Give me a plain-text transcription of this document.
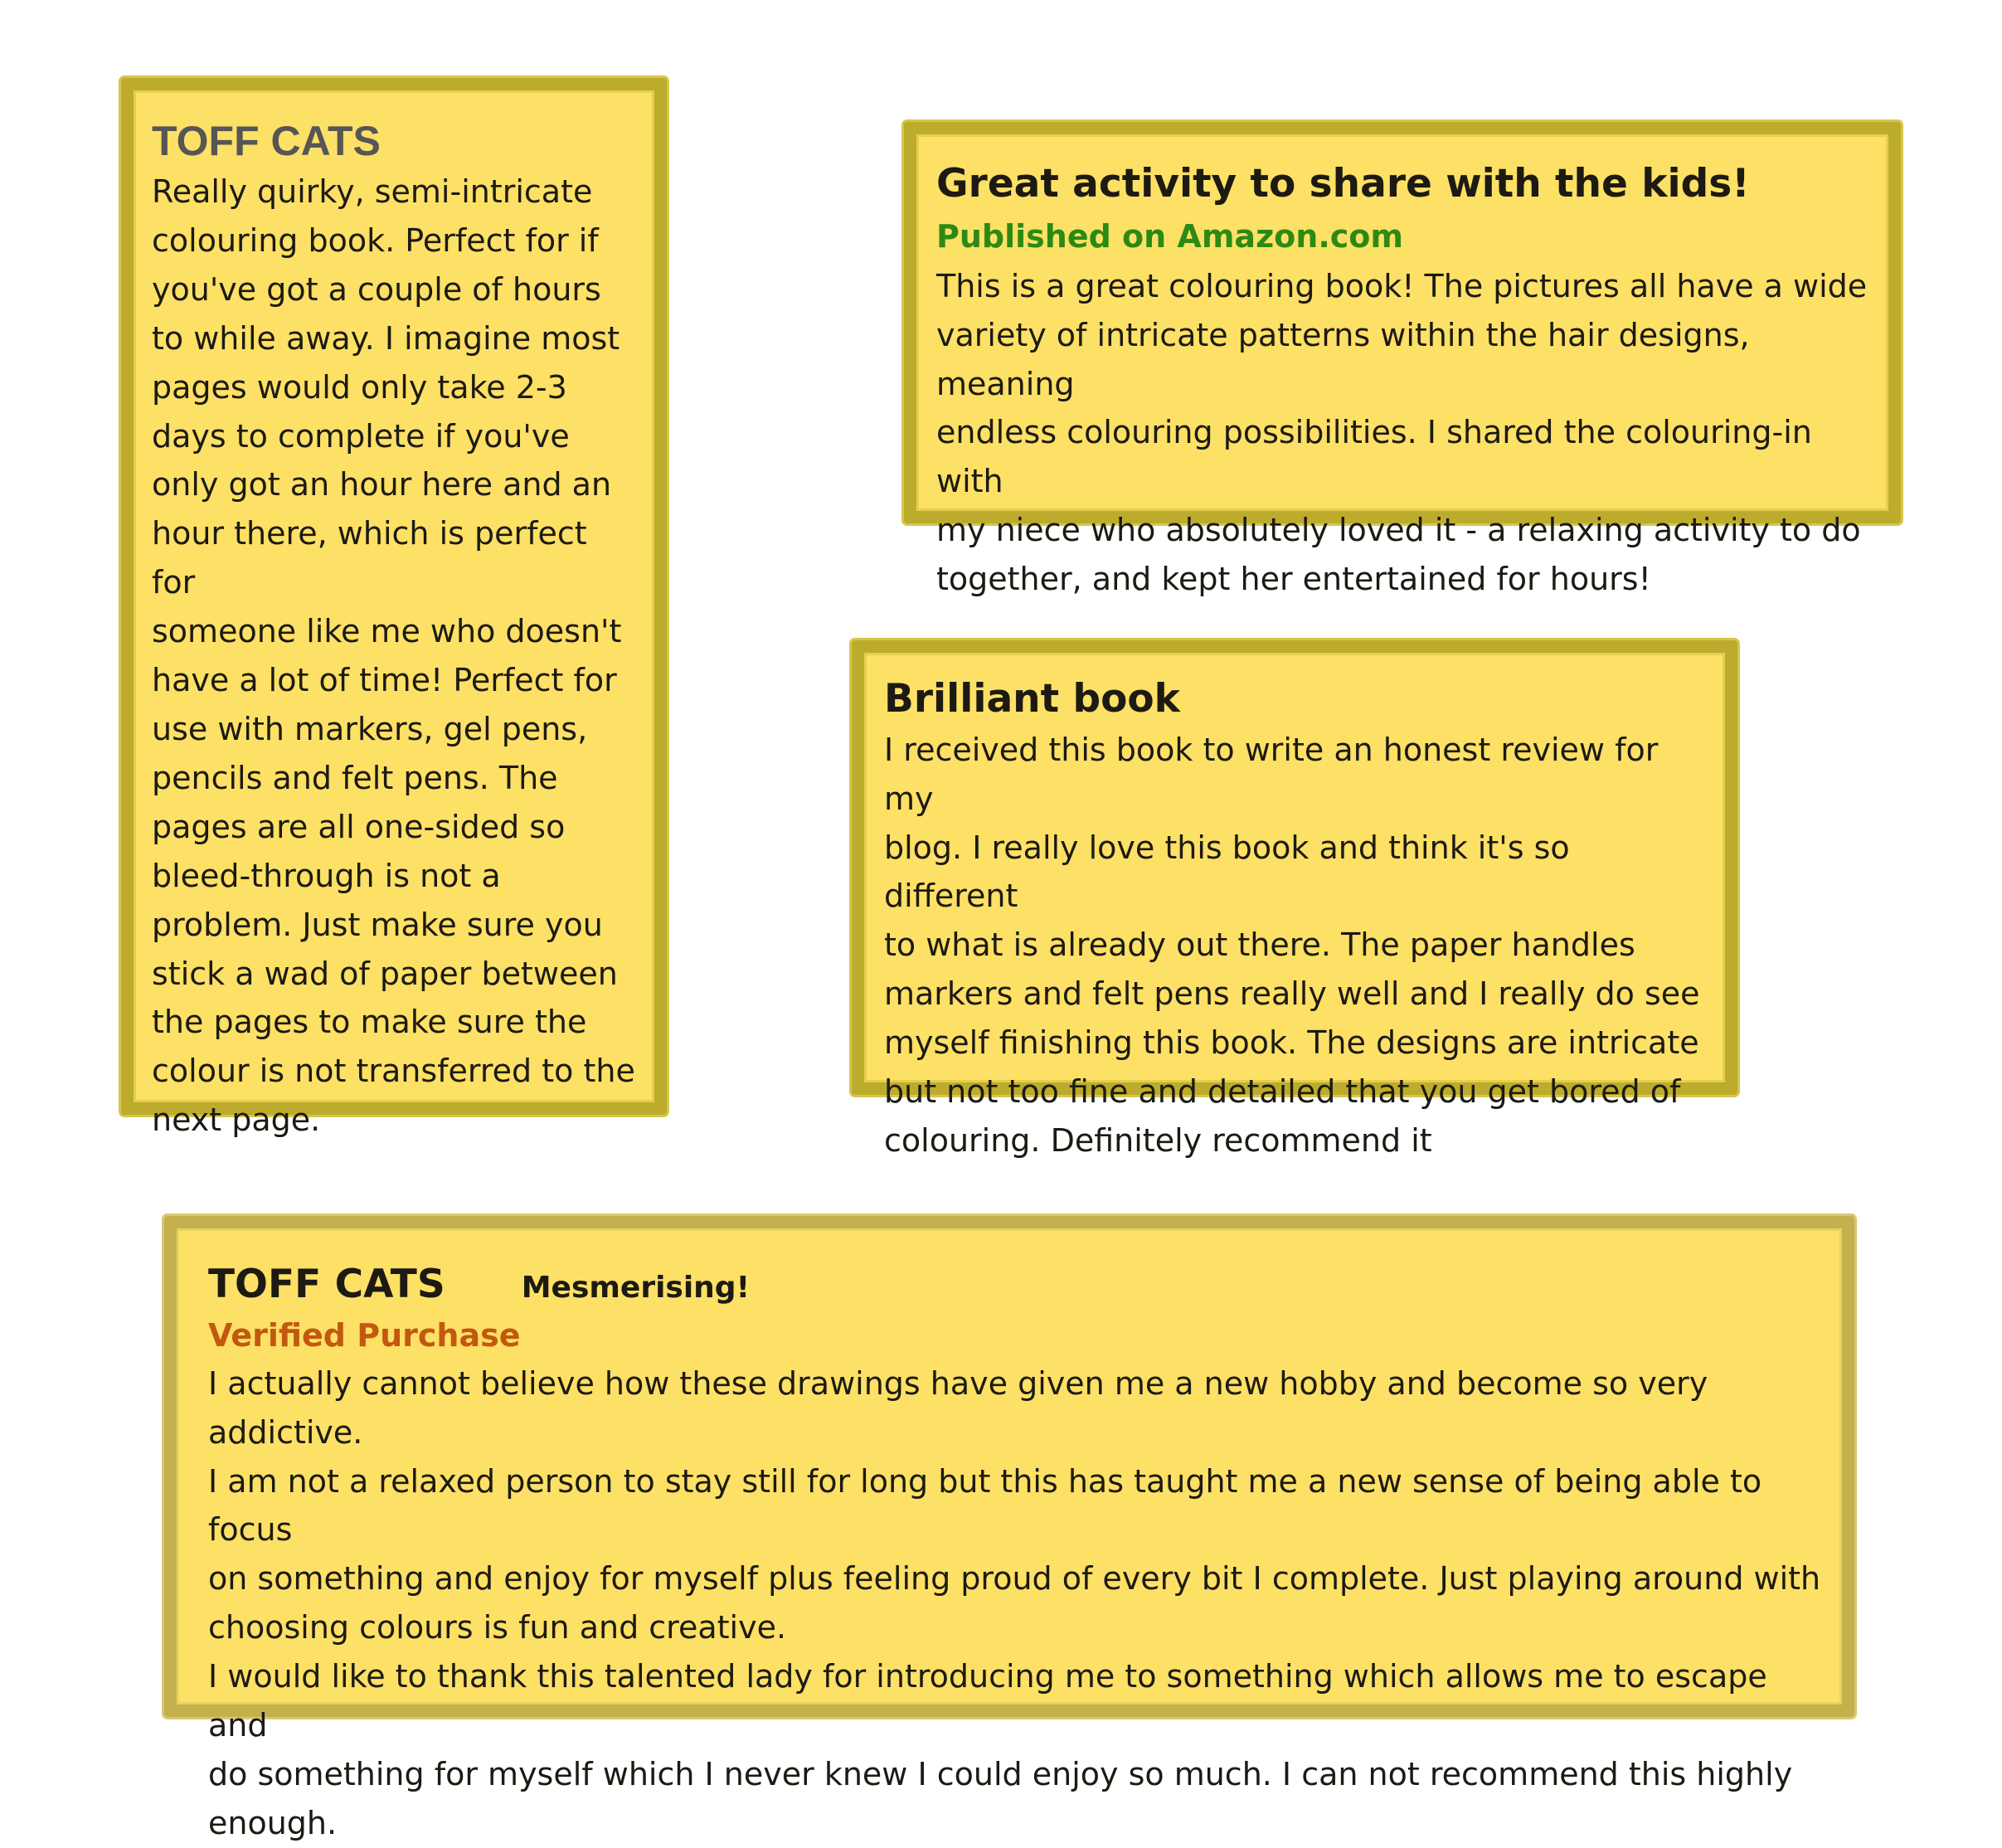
TOFF CATS

Really quirky, semi-intricate
colouring book. Perfect for if
you've got a couple of hours
to while away. I imagine most
pages would only take 2-3
days to complete if you've
only got an hour here and an
hour there, which is perfect for
someone like me who doesn't
have a lot of time! Perfect for
use with markers, gel pens,
pencils and felt pens. The
pages are all one-sided so
bleed-through is not a
problem. Just make sure you
stick a wad of paper between
the pages to make sure the
colour is not transferred to the
next page.

Great activity to share with the kids!
Published on Amazon.com

This is a great colouring book! The pictures all have a wide
variety of intricate patterns within the hair designs, meaning
endless colouring possibilities. I shared the colouring-in with
my niece who absolutely loved it - a relaxing activity to do
together, and kept her entertained for hours!

Brilliant book

I received this book to write an honest review for my
blog. I really love this book and think it's so different
to what is already out there. The paper handles
markers and felt pens really well and I really do see
myself finishing this book. The designs are intricate
but not too fine and detailed that you get bored of
colouring. Definitely recommend it

TOFF CATS	Mesmerising!
Verified Purchase

I actually cannot believe how these drawings have given me a new hobby and become so very addictive.
I am not a relaxed person to stay still for long but this has taught me a new sense of being able to focus
on something and enjoy for myself plus feeling proud of every bit I complete. Just playing around with
choosing colours is fun and creative.
I would like to thank this talented lady for introducing me to something which allows me to escape and
do something for myself which I never knew I could enjoy so much. I can not recommend this highly
enough.
